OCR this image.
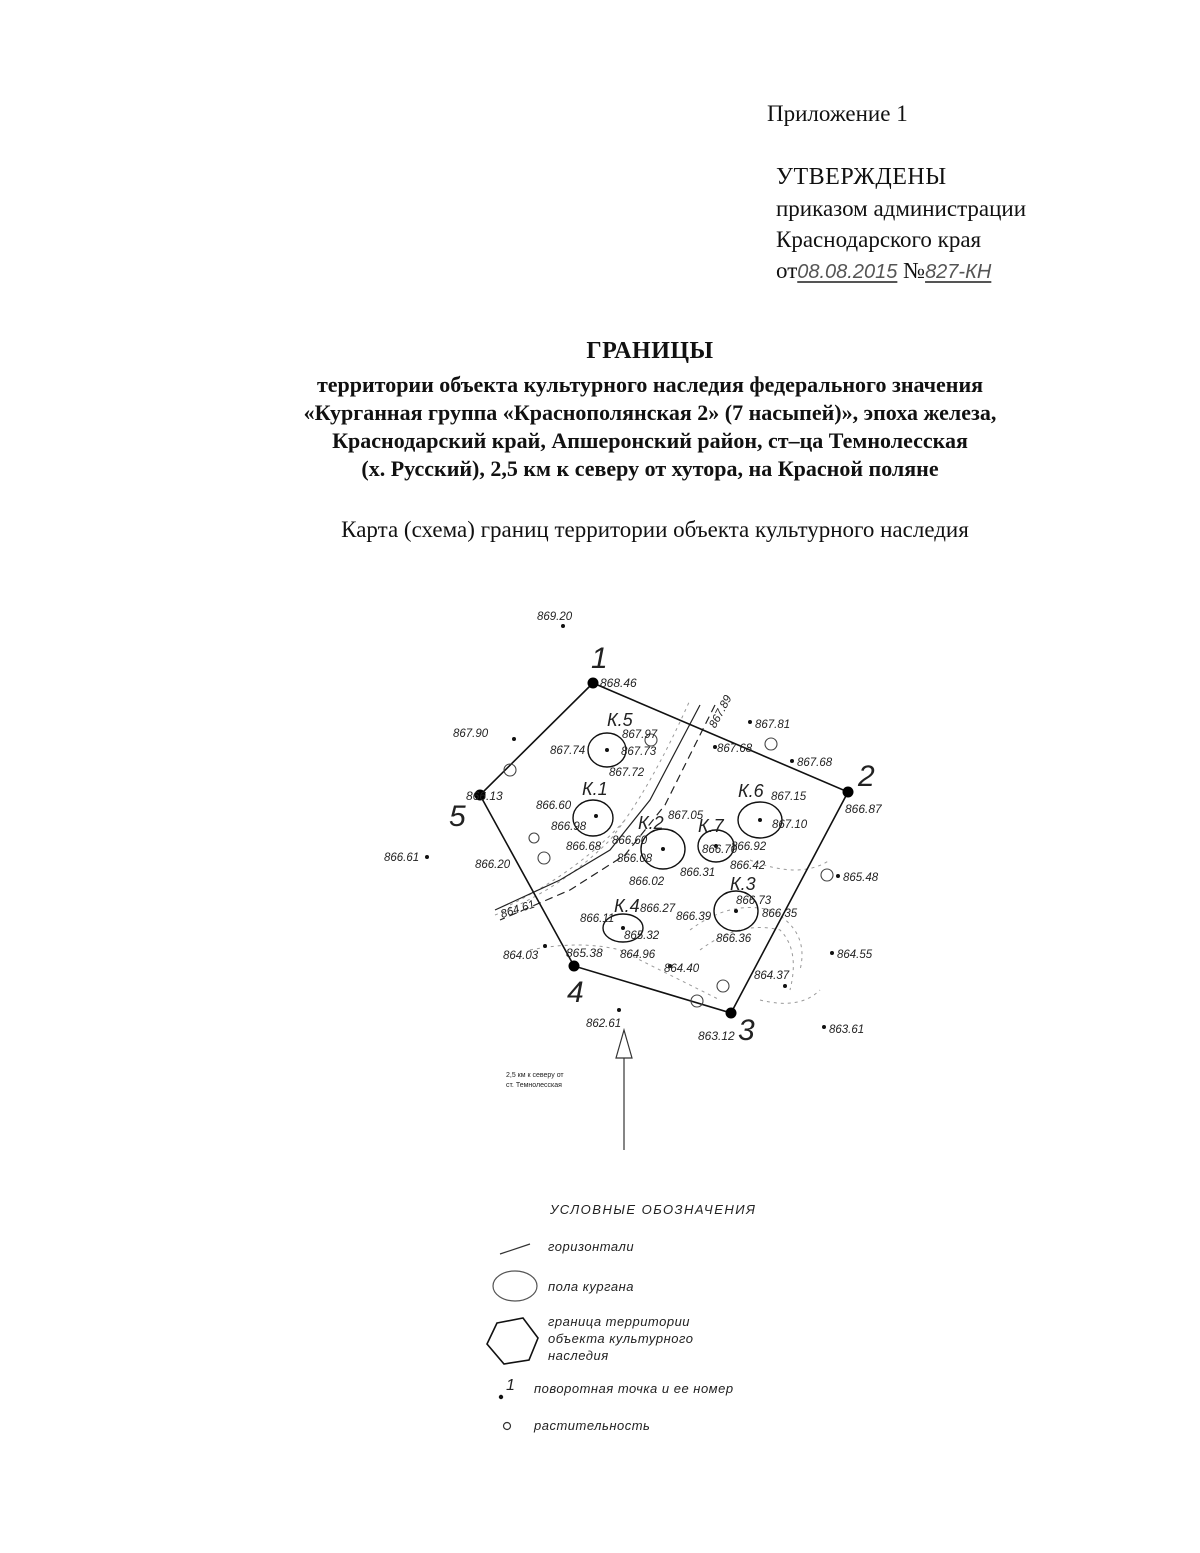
Приложение 1
УТВЕРЖДЕНЫ
приказом администрации
Краснодарского края
от08.08.2015 №827-КН
ГРАНИЦЫ
территории объекта культурного наследия федерального значения
«Курганная группа «Краснополянская 2» (7 насыпей)», эпоха железа,
Краснодарский край, Апшеронский район, ст–ца Темнолесская
(х. Русский), 2,5 км к северу от хутора, на Красной поляне
Карта (схема) границ территории объекта культурного наследия
1
2
3
4
5
868.46
866.87
863.12
865.38
866.13
К.5
К.1
К.2 К.7
К.6
К.3
К.4
869.20
867.90
867.81
867.68
867.68
867.89
867.97
867.73
867.72
867.74
866.60
866.98
866.68 866.60
866.08
866.02
867.05
867.15
867.10
866.92
866.70
866.42
866.31
866.73
866.35
866.36
866.39
865.48
866.61
866.20
864.61	866.11
866.27
865.32
864.96
864.03
864.40
864.37
864.55
862.61	863.61
2,5 км к северу от
ст. Темнолесская
УСЛОВНЫЕ ОБОЗНАЧЕНИЯ
горизонтали
пола кургана
граница территории
объекта культурного
наследия
1 поворотная точка и ее номер
растительность
